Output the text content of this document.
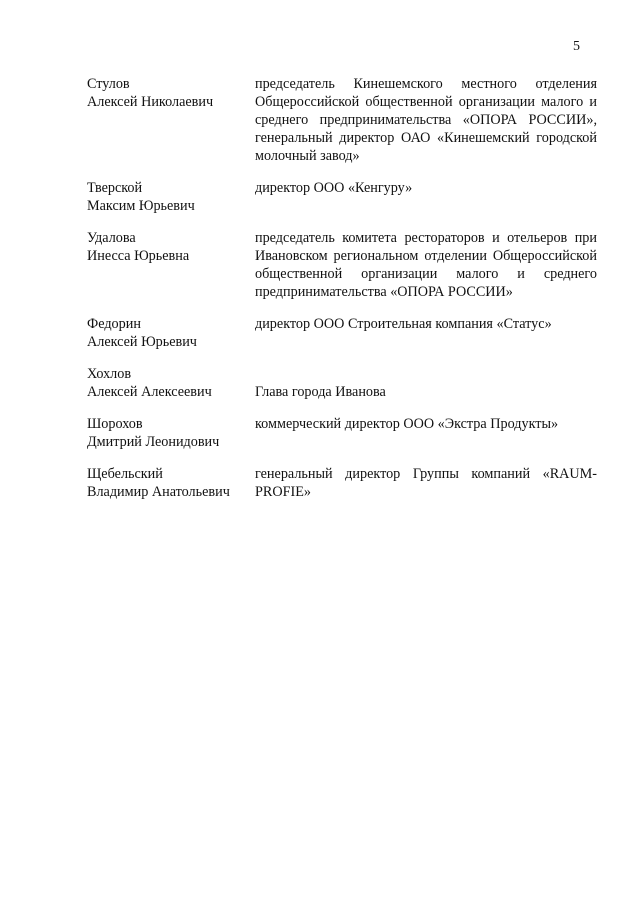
5
Стулов
Алексей Николаевич
председатель Кинешемского местного отделения Общероссийской общественной организации малого и среднего предпринимательства «ОПОРА РОССИИ», генеральный директор ОАО «Кинешемский городской молочный завод»
Тверской
Максим Юрьевич
директор ООО «Кенгуру»
Удалова
Инесса Юрьевна
председатель комитета рестораторов и отельеров при Ивановском региональном отделении Общероссийской общественной организации малого и среднего предпринимательства «ОПОРА РОССИИ»
Федорин
Алексей Юрьевич
директор ООО Строительная компания «Статус»
Хохлов
Алексей Алексеевич	Глава города Иванова
Шорохов
Дмитрий Леонидович
коммерческий директор ООО «Экстра Продукты»
Щебельский
Владимир Анатольевич
генеральный директор Группы компаний «RAUM-PROFIE»
